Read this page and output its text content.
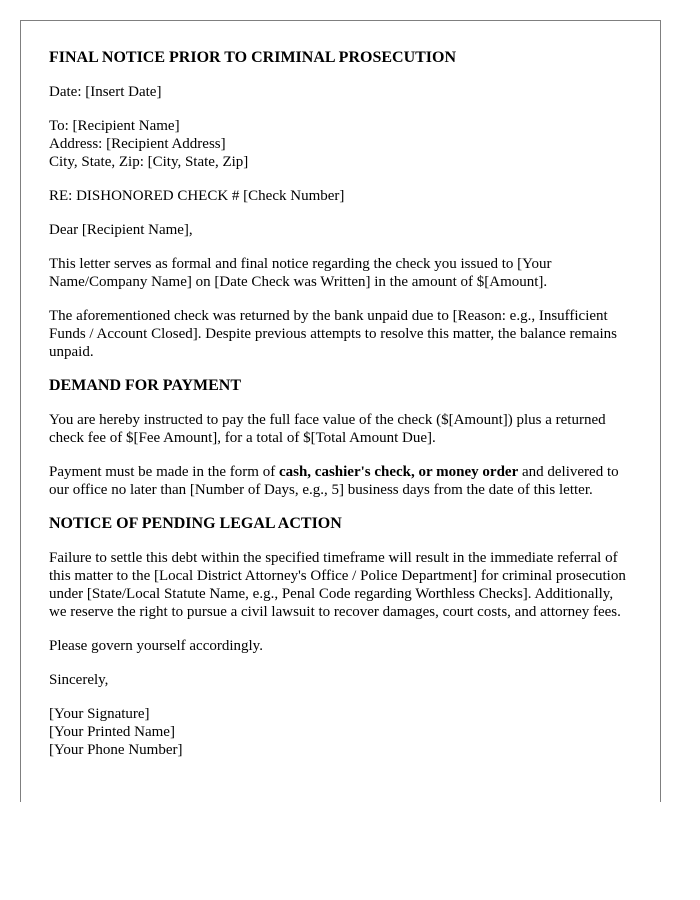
FINAL NOTICE PRIOR TO CRIMINAL PROSECUTION

Date: [Insert Date]

To: [Recipient Name]
Address: [Recipient Address]
City, State, Zip: [City, State, Zip]

RE: DISHONORED CHECK # [Check Number]

Dear [Recipient Name],

This letter serves as formal and final notice regarding the check you issued to [Your Name/Company Name] on [Date Check was Written] in the amount of $[Amount].

The aforementioned check was returned by the bank unpaid due to [Reason: e.g., Insufficient Funds / Account Closed]. Despite previous attempts to resolve this matter, the balance remains unpaid.

DEMAND FOR PAYMENT

You are hereby instructed to pay the full face value of the check ($[Amount]) plus a returned check fee of $[Fee Amount], for a total of $[Total Amount Due].

Payment must be made in the form of cash, cashier's check, or money order and delivered to our office no later than [Number of Days, e.g., 5] business days from the date of this letter.

NOTICE OF PENDING LEGAL ACTION

Failure to settle this debt within the specified timeframe will result in the immediate referral of this matter to the [Local District Attorney's Office / Police Department] for criminal prosecution under [State/Local Statute Name, e.g., Penal Code regarding Worthless Checks]. Additionally, we reserve the right to pursue a civil lawsuit to recover damages, court costs, and attorney fees.

Please govern yourself accordingly.

Sincerely,

[Your Signature]
[Your Printed Name]
[Your Phone Number]
